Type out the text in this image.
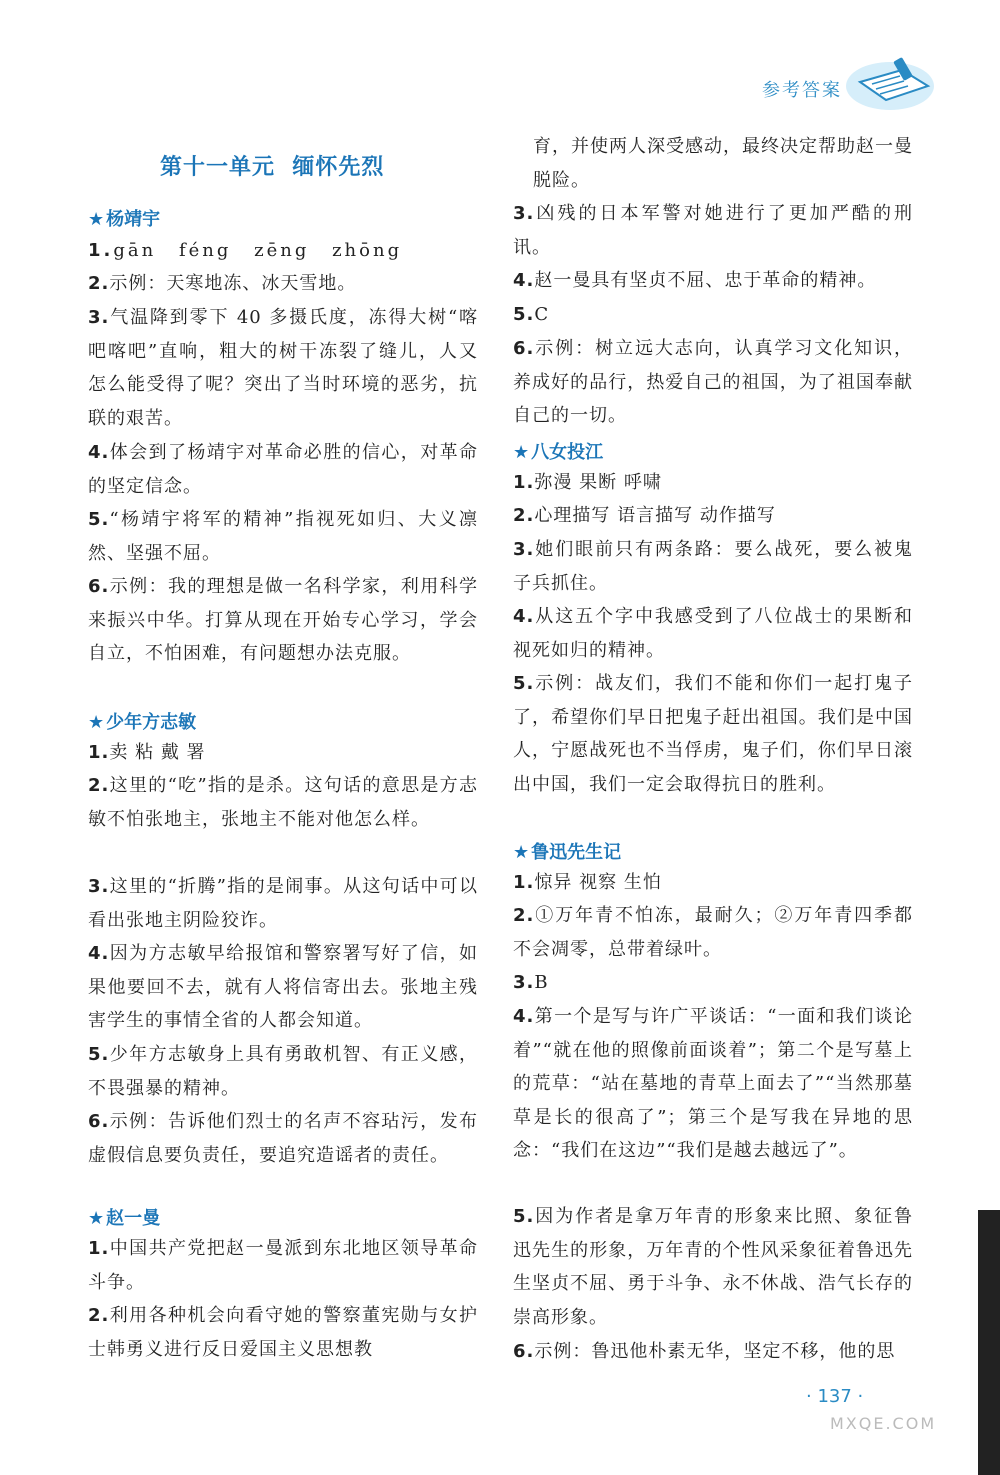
参考答案
第十一单元  缅怀先烈
★ 杨靖宇
1.gān féng zēng zhōng
2.示例：天寒地冻、冰天雪地。
3.气温降到零下 40 多摄氏度，冻得大树“喀吧喀吧”直响，粗大的树干冻裂了缝儿，人又怎么能受得了呢？突出了当时环境的恶劣，抗联的艰苦。
4.体会到了杨靖宇对革命必胜的信心，对革命的坚定信念。
5.“杨靖宇将军的精神”指视死如归、大义凛然、坚强不屈。
6.示例：我的理想是做一名科学家，利用科学来振兴中华。打算从现在开始专心学习，学会自立，不怕困难，有问题想办法克服。
★ 少年方志敏
1.卖 粘 戴 署
2.这里的“吃”指的是杀。这句话的意思是方志敏不怕张地主，张地主不能对他怎么样。
3.这里的“折腾”指的是闹事。从这句话中可以看出张地主阴险狡诈。
4.因为方志敏早给报馆和警察署写好了信，如果他要回不去，就有人将信寄出去。张地主残害学生的事情全省的人都会知道。
5.少年方志敏身上具有勇敢机智、有正义感，不畏强暴的精神。
6.示例：告诉他们烈士的名声不容玷污，发布虚假信息要负责任，要追究造谣者的责任。
★ 赵一曼
1.中国共产党把赵一曼派到东北地区领导革命斗争。
2.利用各种机会向看守她的警察董宪勋与女护士韩勇义进行反日爱国主义思想教
育，并使两人深受感动，最终决定帮助赵一曼脱险。
3.凶残的日本军警对她进行了更加严酷的刑讯。
4.赵一曼具有坚贞不屈、忠于革命的精神。
5.C
6.示例：树立远大志向，认真学习文化知识，养成好的品行，热爱自己的祖国，为了祖国奉献自己的一切。
★ 八女投江
1.弥漫 果断 呼啸
2.心理描写 语言描写 动作描写
3.她们眼前只有两条路：要么战死，要么被鬼子兵抓住。
4.从这五个字中我感受到了八位战士的果断和视死如归的精神。
5.示例：战友们，我们不能和你们一起打鬼子了，希望你们早日把鬼子赶出祖国。我们是中国人，宁愿战死也不当俘虏，鬼子们，你们早日滚出中国，我们一定会取得抗日的胜利。
★ 鲁迅先生记
1.惊异 视察 生怕
2.①万年青不怕冻，最耐久；②万年青四季都不会凋零，总带着绿叶。
3.B
4.第一个是写与许广平谈话：“一面和我们谈论着”“就在他的照像前面谈着”；第二个是写墓上的荒草：“站在墓地的青草上面去了”“当然那墓草是长的很高了”；第三个是写我在异地的思念：“我们在这边”“我们是越去越远了”。
5.因为作者是拿万年青的形象来比照、象征鲁迅先生的形象，万年青的个性风采象征着鲁迅先生坚贞不屈、勇于斗争、永不休战、浩气长存的崇高形象。
6.示例：鲁迅他朴素无华，坚定不移，他的思
· 137 ·
MXQE.COM
